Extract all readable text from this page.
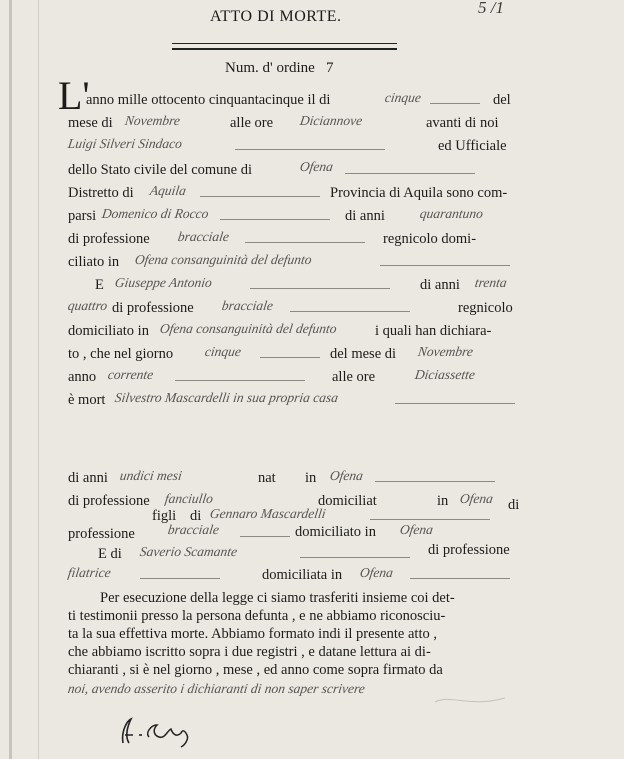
5 /1
ATTO DI MORTE.
Num. d' ordine 7
L'
anno mille ottocento cinquantacinque il di	cinque	del
mese di Novembre	alle ore Diciannove	avanti di noi
Luigi Silveri Sindaco	ed Ufficiale
dello Stato civile del comune di	Ofena
Distretto di Aquila	Provincia di Aquila sono com-
parsi Domenico di Rocco	di anni	quarantuno
di professione bracciale	regnicolo domi-
ciliato in Ofena consanguinità del defunto
E Giuseppe Antonio	di anni trenta
quattro di professione bracciale	regnicolo
domiciliato in Ofena consanguinità del defunto	i quali han dichiara-
to , che nel giorno cinque	del mese di Novembre
anno corrente	alle ore	Diciassette
è mort Silvestro Mascardelli in sua propria casa
di anni undici mesi	nat in Ofena
di professione fanciullo	domiciliat	in Ofena
figli di Gennaro Mascardelli
di
professione bracciale	domiciliato in Ofena
E di Saverio Scamante	di professione
filatrice	domiciliata in Ofena
Per esecuzione della legge ci siamo trasferiti insieme coi det-
ti testimonii presso la persona defunta , e ne abbiamo riconosciu-
ta la sua effettiva morte. Abbiamo formato indi il presente atto ,
che abbiamo iscritto sopra i due registri , e datane lettura ai di-
chiaranti , si è nel giorno , mese , ed anno come sopra firmato da
noi, avendo asserito i dichiaranti di non saper scrivere
